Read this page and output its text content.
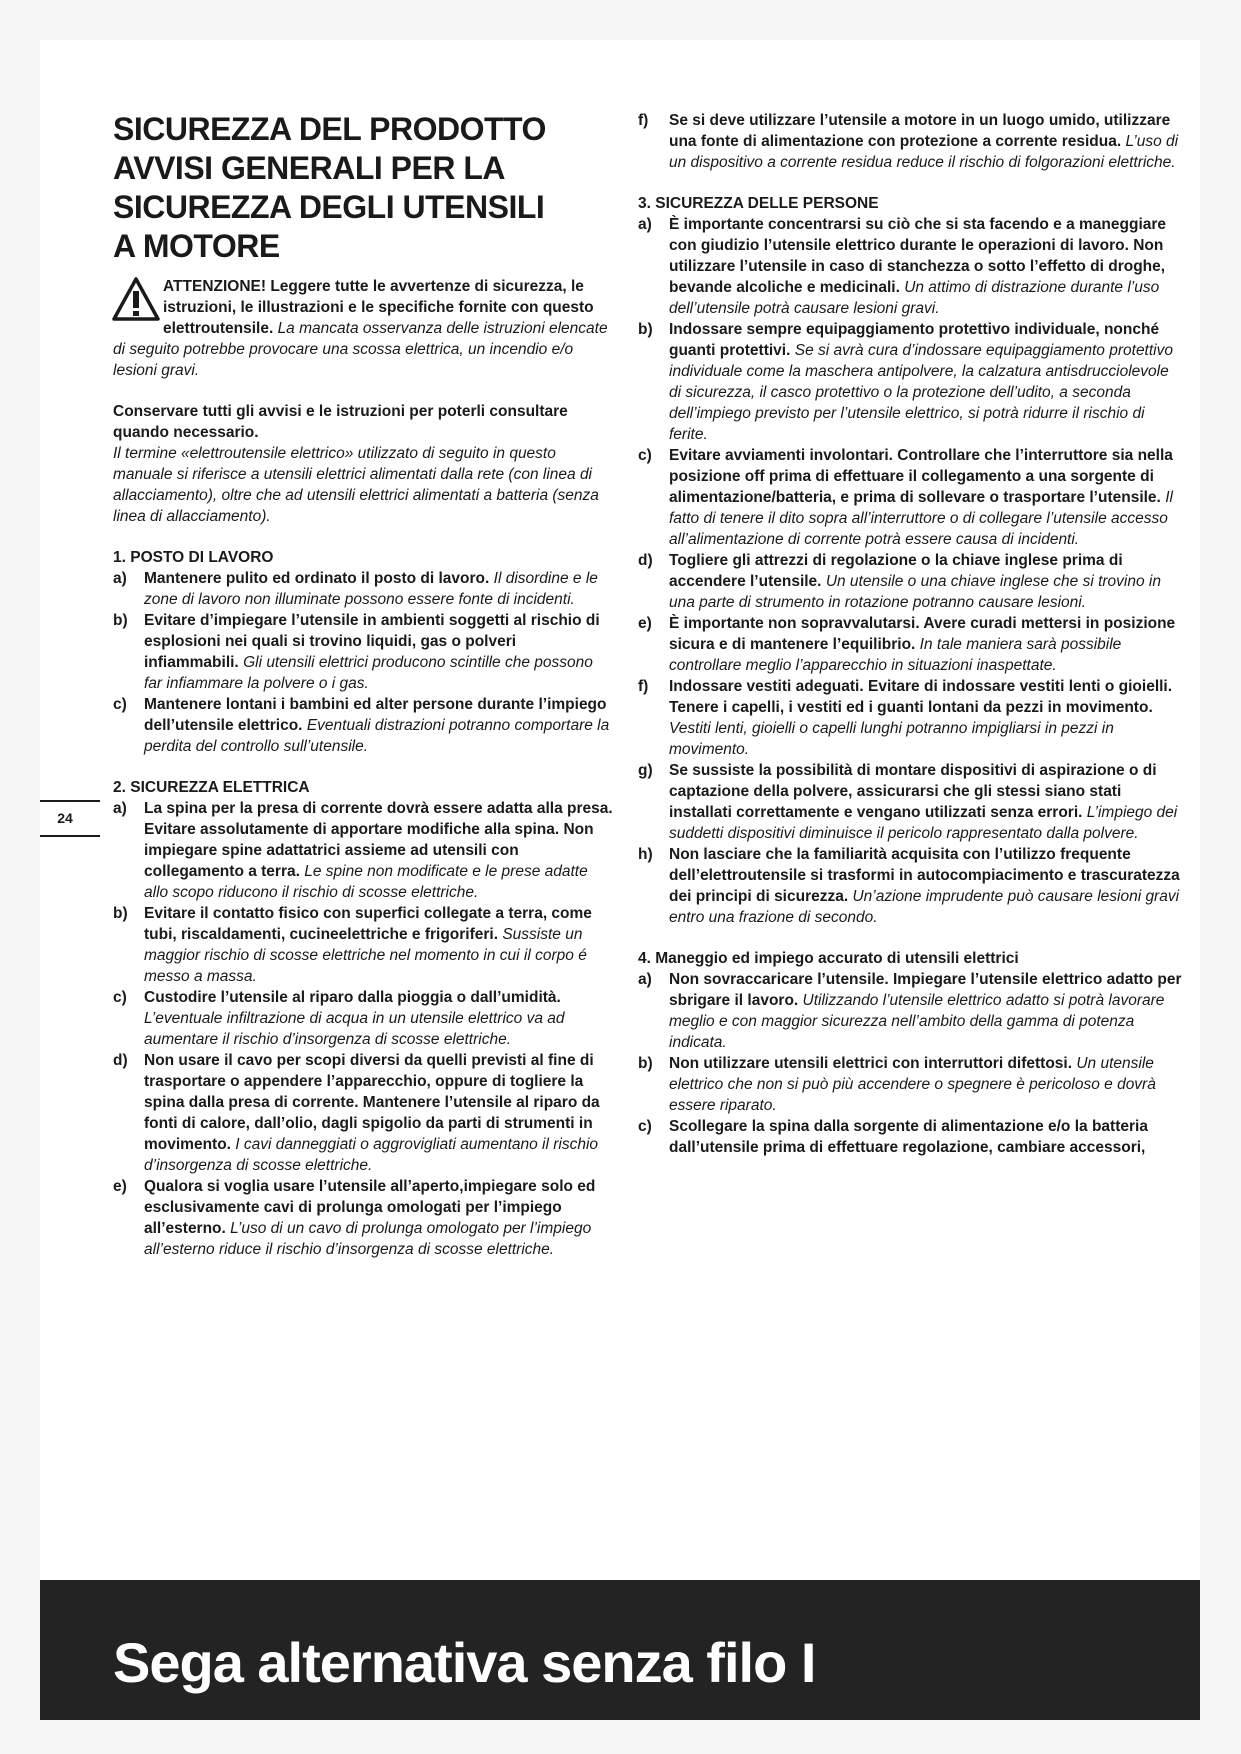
24
SICUREZZA DEL PRODOTTO
AVVISI GENERALI PER LA
SICUREZZA DEGLI UTENSILI
A MOTORE
ATTENZIONE! Leggere tutte le avvertenze di sicurezza, le istruzioni, le illustrazioni e le specifiche fornite con questo elettroutensile. La mancata osservanza delle istruzioni elencate di seguito potrebbe provocare una scossa elettrica, un incendio e/o lesioni gravi.

Conservare tutti gli avvisi e le istruzioni per poterli consultare quando necessario.
Il termine «elettroutensile elettrico» utilizzato di seguito in questo manuale si riferisce a utensili elettrici alimentati dalla rete (con linea di allacciamento), oltre che ad utensili elettrici alimentati a batteria (senza linea di allacciamento).

1. POSTO DI LAVORO
a)	Mantenere pulito ed ordinato il posto di lavoro. Il disordine e le zone di lavoro non illuminate possono essere fonte di incidenti.
b)	Evitare d’impiegare l’utensile in ambienti soggetti al rischio di esplosioni nei quali si trovino liquidi, gas o polveri infiammabili. Gli utensili elettrici producono scintille che possono far infiammare la polvere o i gas.
c)	Mantenere lontani i bambini ed alter persone durante l’impiego dell’utensile elettrico. Eventuali distrazioni potranno comportare la perdita del controllo sull’utensile.
2. SICUREZZA ELETTRICA
a)	La spina per la presa di corrente dovrà essere adatta alla presa. Evitare assolutamente di apportare modifiche alla spina. Non impiegare spine adattatrici assieme ad utensili con collegamento a terra. Le spine non modificate e le prese adatte allo scopo riducono il rischio di scosse elettriche.
b)	Evitare il contatto fisico con superfici collegate a terra, come tubi, riscaldamenti, cucineelettriche e frigoriferi. Sussiste un maggior rischio di scosse elettriche nel momento in cui il corpo é messo a massa.
c)	Custodire l’utensile al riparo dalla pioggia o dall’umidità. L’eventuale infiltrazione di acqua in un utensile elettrico va ad aumentare il rischio d’insorgenza di scosse elettriche.
d)	Non usare il cavo per scopi diversi da quelli previsti al fine di trasportare o appendere l’apparecchio, oppure di togliere la spina dalla presa di corrente. Mantenere l’utensile al riparo da fonti di calore, dall’olio, dagli spigolio da parti di strumenti in movimento. I cavi danneggiati o aggrovigliati aumentano il rischio d’insorgenza di scosse elettriche.
e)	Qualora si voglia usare l’utensile all’aperto,impiegare solo ed esclusivamente cavi di prolunga omologati per l’impiego all’esterno. L’uso di un cavo di prolunga omologato per l’impiego all’esterno riduce il rischio d’insorgenza di scosse elettriche.
f)	Se si deve utilizzare l’utensile a motore in un luogo umido, utilizzare una fonte di alimentazione con protezione a corrente residua. L’uso di un dispositivo a corrente residua reduce il rischio di folgorazioni elettriche.
3. SICUREZZA DELLE PERSONE
a)	È importante concentrarsi su ciò che si sta facendo e a maneggiare con giudizio l’utensile elettrico durante le operazioni di lavoro. Non utilizzare l’utensile in caso di stanchezza o sotto l’effetto di droghe, bevande alcoliche e medicinali. Un attimo di distrazione durante l’uso dell’utensile potrà causare lesioni gravi.
b)	Indossare sempre equipaggiamento protettivo individuale, nonché guanti protettivi. Se si avrà cura d’indossare equipaggiamento protettivo individuale come la maschera antipolvere, la calzatura antisdrucciolevole di sicurezza, il casco protettivo o la protezione dell’udito, a seconda dell’impiego previsto per l’utensile elettrico, si potrà ridurre il rischio di ferite.
c)	Evitare avviamenti involontari. Controllare che l’interruttore sia nella posizione off prima di effettuare il collegamento a una sorgente di alimentazione/batteria, e prima di sollevare o trasportare l’utensile. Il fatto di tenere il dito sopra all’interruttore o di collegare l’utensile accesso all’alimentazione di corrente potrà essere causa di incidenti.
d)	Togliere gli attrezzi di regolazione o la chiave inglese prima di accendere l’utensile. Un utensile o una chiave inglese che si trovino in una parte di strumento in rotazione potranno causare lesioni.
e)	È importante non sopravvalutarsi. Avere curadi mettersi in posizione sicura e di mantenere l’equilibrio. In tale maniera sarà possibile controllare meglio l’apparecchio in situazioni inaspettate.
f)	Indossare vestiti adeguati. Evitare di indossare vestiti lenti o gioielli. Tenere i capelli, i vestiti ed i guanti lontani da pezzi in movimento. Vestiti lenti, gioielli o capelli lunghi potranno impigliarsi in pezzi in movimento.
g)	Se sussiste la possibilità di montare dispositivi di aspirazione o di captazione della polvere, assicurarsi che gli stessi siano stati installati correttamente e vengano utilizzati senza errori. L’impiego dei suddetti dispositivi diminuisce il pericolo rappresentato dalla polvere.
h)	Non lasciare che la familiarità acquisita con l’utilizzo frequente dell’elettroutensile si trasformi in autocompiacimento e trascuratezza dei principi di sicurezza. Un’azione imprudente può causare lesioni gravi entro una frazione di secondo.
4. Maneggio ed impiego accurato di utensili elettrici
a)	Non sovraccaricare l’utensile. Impiegare l’utensile elettrico adatto per sbrigare il lavoro. Utilizzando l’utensile elettrico adatto si potrà lavorare meglio e con maggior sicurezza nell’ambito della gamma di potenza indicata.
b)	Non utilizzare utensili elettrici con interruttori difettosi. Un utensile elettrico che non si può più accendere o spegnere è pericoloso e dovrà essere riparato.
c)	Scollegare la spina dalla sorgente di alimentazione e/o la batteria dall’utensile prima di effettuare regolazione, cambiare accessori,
Sega alternativa senza filo I
